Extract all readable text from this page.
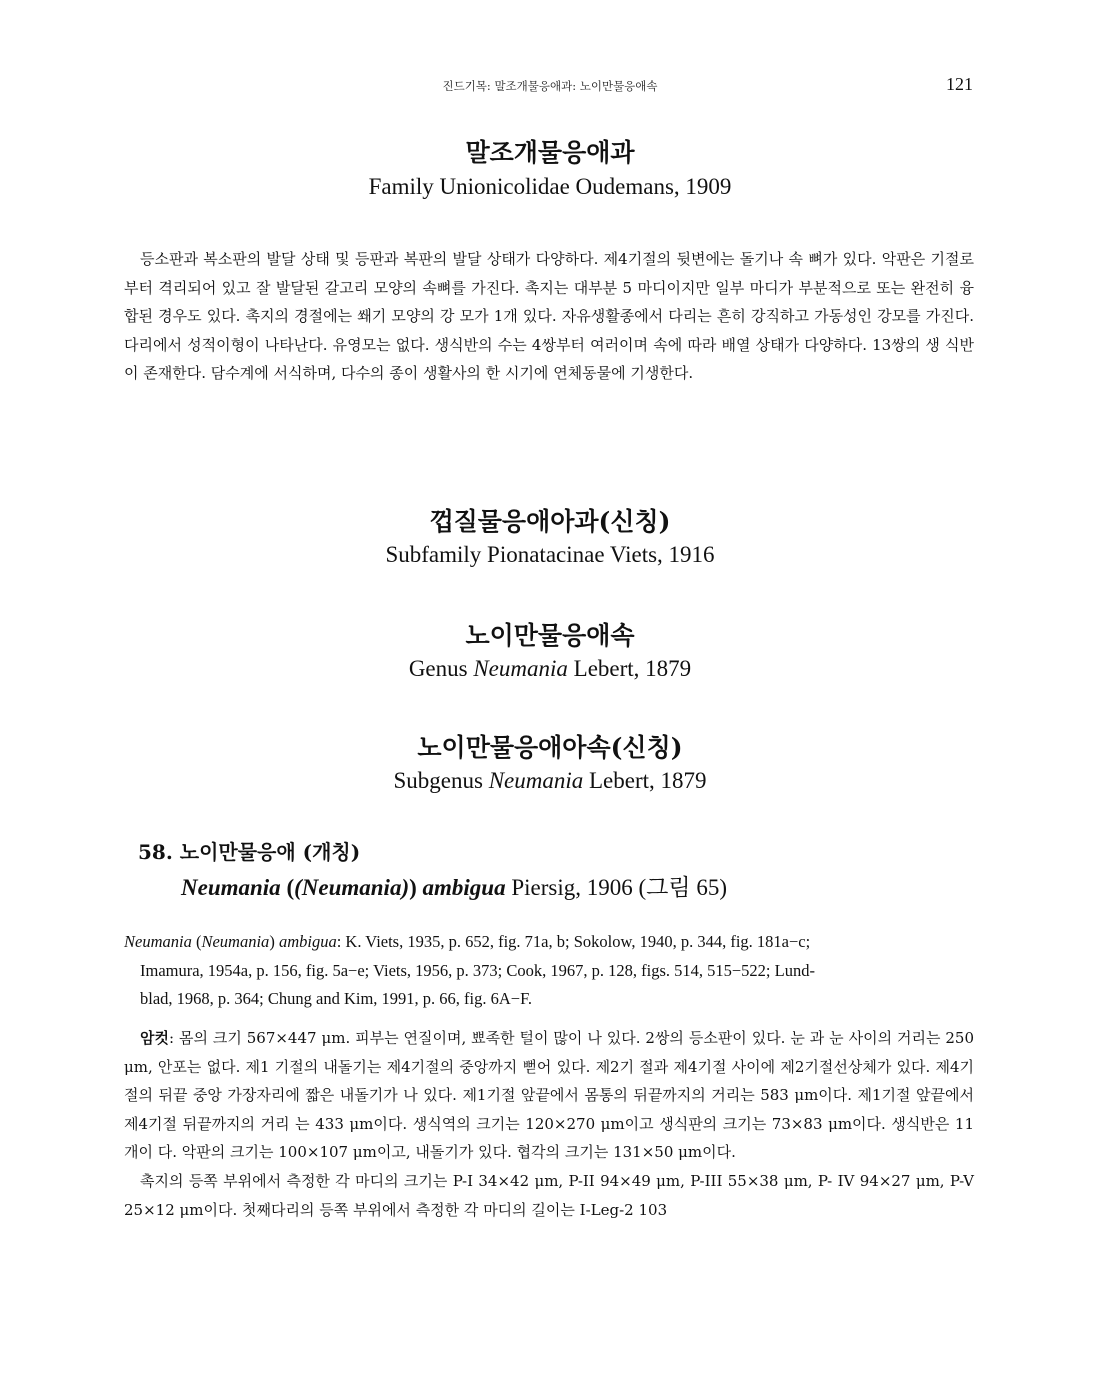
진드기목: 말조개물응애과: 노이만물응애속	121
말조개물응애과
Family Unionicolidae Oudemans, 1909
등소판과 복소판의 발달 상태 및 등판과 복판의 발달 상태가 다양하다. 제4기절의 뒷변에는 돌기나 속 뼈가 있다. 악판은 기절로부터 격리되어 있고 잘 발달된 갈고리 모양의 속뼈를 가진다. 촉지는 대부분 5 마디이지만 일부 마디가 부분적으로 또는 완전히 융합된 경우도 있다. 촉지의 경절에는 쐐기 모양의 강 모가 1개 있다. 자유생활종에서 다리는 흔히 강직하고 가동성인 강모를 가진다. 다리에서 성적이형이 나타난다. 유영모는 없다. 생식반의 수는 4쌍부터 여러이며 속에 따라 배열 상태가 다양하다. 13쌍의 생 식반이 존재한다. 담수계에 서식하며, 다수의 종이 생활사의 한 시기에 연체동물에 기생한다.
껍질물응애아과(신칭)
Subfamily Pionatacinae Viets, 1916
노이만물응애속
Genus Neumania Lebert, 1879
노이만물응애아속(신칭)
Subgenus Neumania Lebert, 1879
58. 노이만물응애 (개칭)
Neumania ((Neumania)) ambigua Piersig, 1906 (그림 65)
Neumania (Neumania) ambigua: K. Viets, 1935, p. 652, fig. 71a, b; Sokolow, 1940, p. 344, fig. 181a−c;
Imamura, 1954a, p. 156, fig. 5a−e; Viets, 1956, p. 373; Cook, 1967, p. 128, figs. 514, 515−522; Lund-
blad, 1968, p. 364; Chung and Kim, 1991, p. 66, fig. 6A−F.
암컷: 몸의 크기 567×447 μm. 피부는 연질이며, 뾰족한 털이 많이 나 있다. 2쌍의 등소판이 있다. 눈 과 눈 사이의 거리는 250 μm, 안포는 없다. 제1 기절의 내돌기는 제4기절의 중앙까지 뻗어 있다. 제2기 절과 제4기절 사이에 제2기절선상체가 있다. 제4기절의 뒤끝 중앙 가장자리에 짧은 내돌기가 나 있다. 제1기절 앞끝에서 몸통의 뒤끝까지의 거리는 583 μm이다. 제1기절 앞끝에서 제4기절 뒤끝까지의 거리 는 433 μm이다. 생식역의 크기는 120×270 μm이고 생식판의 크기는 73×83 μm이다. 생식반은 11개이 다. 악판의 크기는 100×107 μm이고, 내돌기가 있다. 협각의 크기는 131×50 μm이다.
촉지의 등쪽 부위에서 측정한 각 마디의 크기는 P-I 34×42 μm, P-II 94×49 μm, P-III 55×38 μm, P- IV 94×27 μm, P-V 25×12 μm이다. 첫째다리의 등쪽 부위에서 측정한 각 마디의 길이는 I-Leg-2 103
